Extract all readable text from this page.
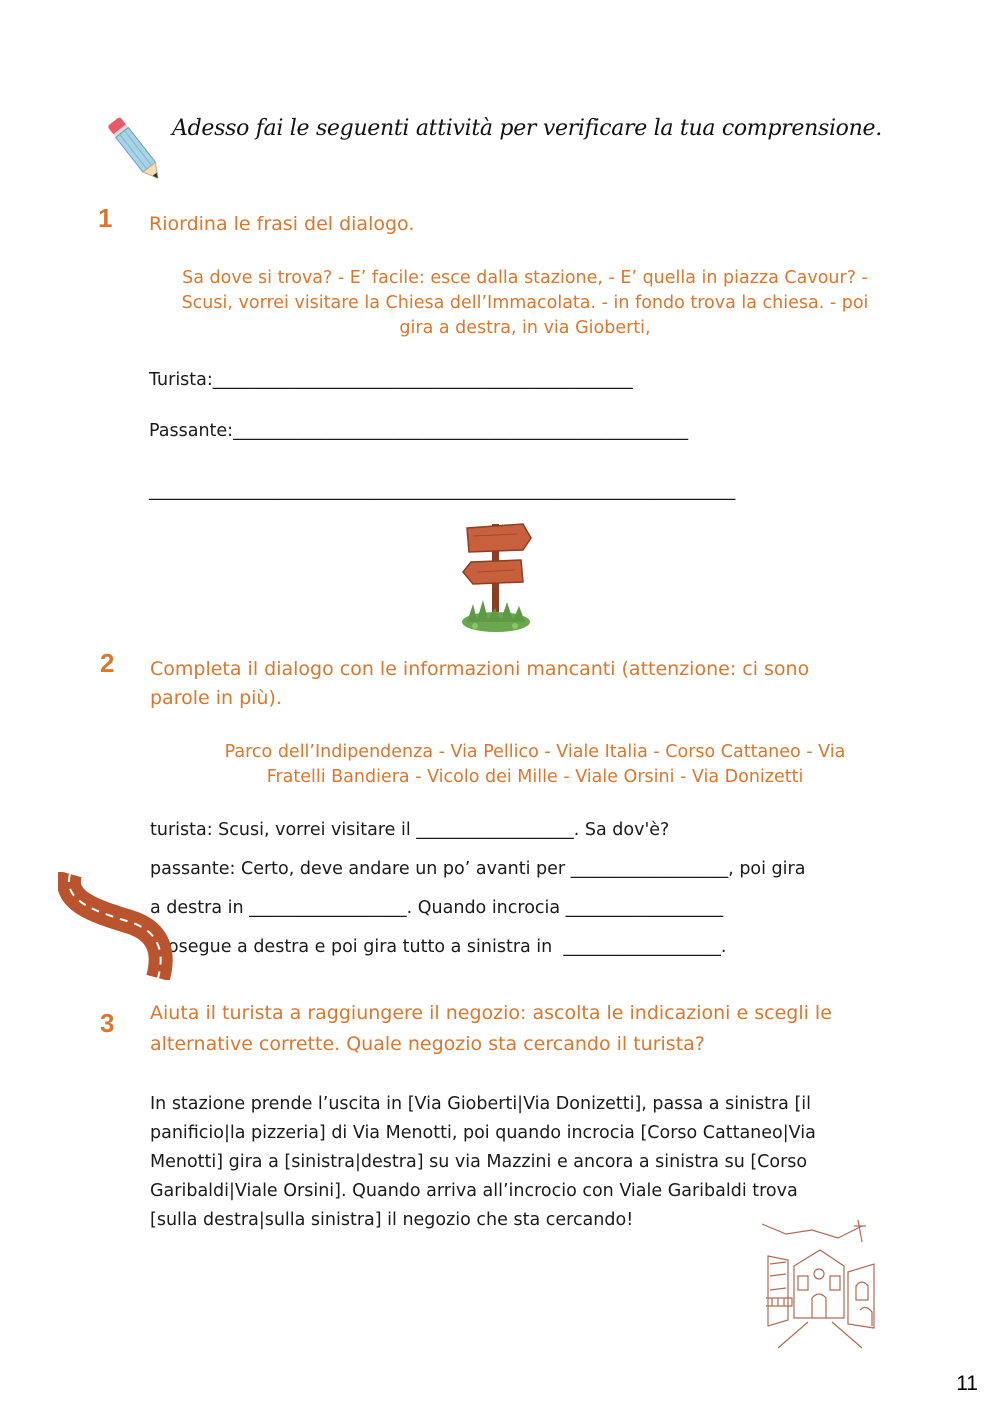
Adesso fai le seguenti attività per verificare la tua comprensione.
1 Riordina le frasi del dialogo.
Sa dove si trova? - E’ facile: esce dalla stazione, - E’ quella in piazza Cavour? -
Scusi, vorrei visitare la Chiesa dell’Immacolata. - in fondo trova la chiesa. - poi
gira a destra, in via Gioberti,
Turista:________________________________________________
Passante:____________________________________________________
___________________________________________________________________
2 Completa il dialogo con le informazioni mancanti (attenzione: ci sono
parole in più).
Parco dell’Indipendenza - Via Pellico - Viale Italia - Corso Cattaneo - Via
Fratelli Bandiera - Vicolo dei Mille - Viale Orsini - Via Donizetti
turista: Scusi, vorrei visitare il __________________. Sa dov'è?
passante: Certo, deve andare un po’ avanti per __________________, poi gira
a destra in __________________. Quando incrocia __________________
prosegue a destra e poi gira tutto a sinistra in  __________________.
3 Aiuta il turista a raggiungere il negozio: ascolta le indicazioni e scegli le
alternative corrette. Quale negozio sta cercando il turista?
In stazione prende l’uscita in [Via Gioberti|Via Donizetti], passa a sinistra [il
panificio|la pizzeria] di Via Menotti, poi quando incrocia [Corso Cattaneo|Via
Menotti] gira a [sinistra|destra] su via Mazzini e ancora a sinistra su [Corso
Garibaldi|Viale Orsini]. Quando arriva all’incrocio con Viale Garibaldi trova
[sulla destra|sulla sinistra] il negozio che sta cercando!
11
